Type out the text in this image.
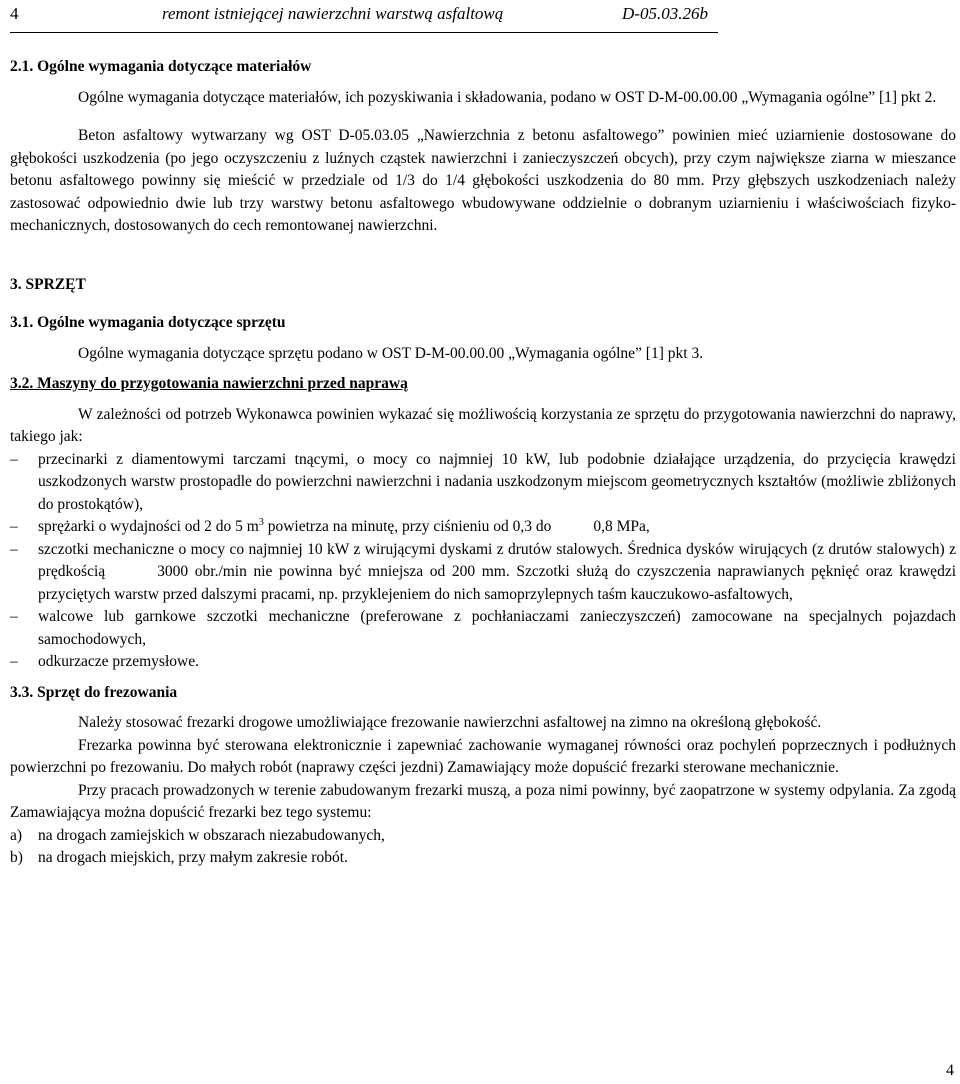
4	remont istniejącej nawierzchni warstwą asfaltową	D-05.03.26b

2.1. Ogólne wymagania dotyczące materiałów

Ogólne wymagania dotyczące materiałów, ich pozyskiwania i składowania, podano w OST D-M-00.00.00 „Wymagania ogólne” [1] pkt 2.

Beton asfaltowy wytwarzany wg OST D-05.03.05 „Nawierzchnia z betonu asfaltowego” powinien mieć uziarnienie dostosowane do głębokości uszkodzenia (po jego oczyszczeniu z luźnych cząstek nawierzchni i zanieczyszczeń obcych), przy czym największe ziarna w mieszance betonu asfaltowego powinny się mieścić w przedziale od 1/3 do 1/4 głębokości uszkodzenia do 80 mm. Przy głębszych uszkodzeniach należy zastosować odpowiednio dwie lub trzy warstwy betonu asfaltowego wbudowywane oddzielnie o dobranym uziarnieniu i właściwościach fizyko-mechanicznych, dostosowanych do cech remontowanej nawierzchni.

3. SPRZĘT

3.1. Ogólne wymagania dotyczące sprzętu

Ogólne wymagania dotyczące sprzętu podano w OST D-M-00.00.00 „Wymagania ogólne” [1] pkt 3.

3.2. Maszyny do przygotowania nawierzchni przed naprawą

W zależności od potrzeb Wykonawca powinien wykazać się możliwością korzystania ze sprzętu do przygotowania nawierzchni do naprawy, takiego jak:

– przecinarki z diamentowymi tarczami tnącymi, o mocy co najmniej 10 kW, lub podobnie działające urządzenia, do przycięcia krawędzi uszkodzonych warstw prostopadle do powierzchni nawierzchni i nadania uszkodzonym miejscom geometrycznych kształtów (możliwie zbliżonych do prostokątów),
– sprężarki o wydajności od 2 do 5 $m^3$ powietrza na minutę, przy ciśnieniu od 0,3 do	0,8 MPa,
– szczotki mechaniczne o mocy co najmniej 10 kW z wirującymi dyskami z drutów stalowych. Średnica dysków wirujących (z drutów stalowych) z prędkością	3000 obr./min nie powinna być mniejsza od 200 mm. Szczotki służą do czyszczenia naprawianych pęknięć oraz krawędzi przyciętych warstw przed dalszymi pracami, np. przyklejeniem do nich samoprzylepnych taśm kauczukowo-asfaltowych,
– walcowe lub garnkowe szczotki mechaniczne (preferowane z pochłaniaczami zanieczyszczeń) zamocowane na specjalnych pojazdach samochodowych,
– odkurzacze przemysłowe.

3.3. Sprzęt do frezowania

Należy stosować frezarki drogowe umożliwiające frezowanie nawierzchni asfaltowej na zimno na określoną głębokość.

Frezarka powinna być sterowana elektronicznie i zapewniać zachowanie wymaganej równości oraz pochyleń poprzecznych i podłużnych powierzchni po frezowaniu. Do małych robót (naprawy części jezdni) Zamawiający może dopuścić frezarki sterowane mechanicznie.

Przy pracach prowadzonych w terenie zabudowanym frezarki muszą, a poza nimi powinny, być zaopatrzone w systemy odpylania. Za zgodą Zamawiającya można dopuścić frezarki bez tego systemu:

a) na drogach zamiejskich w obszarach niezabudowanych,
b) na drogach miejskich, przy małym zakresie robót.
4
